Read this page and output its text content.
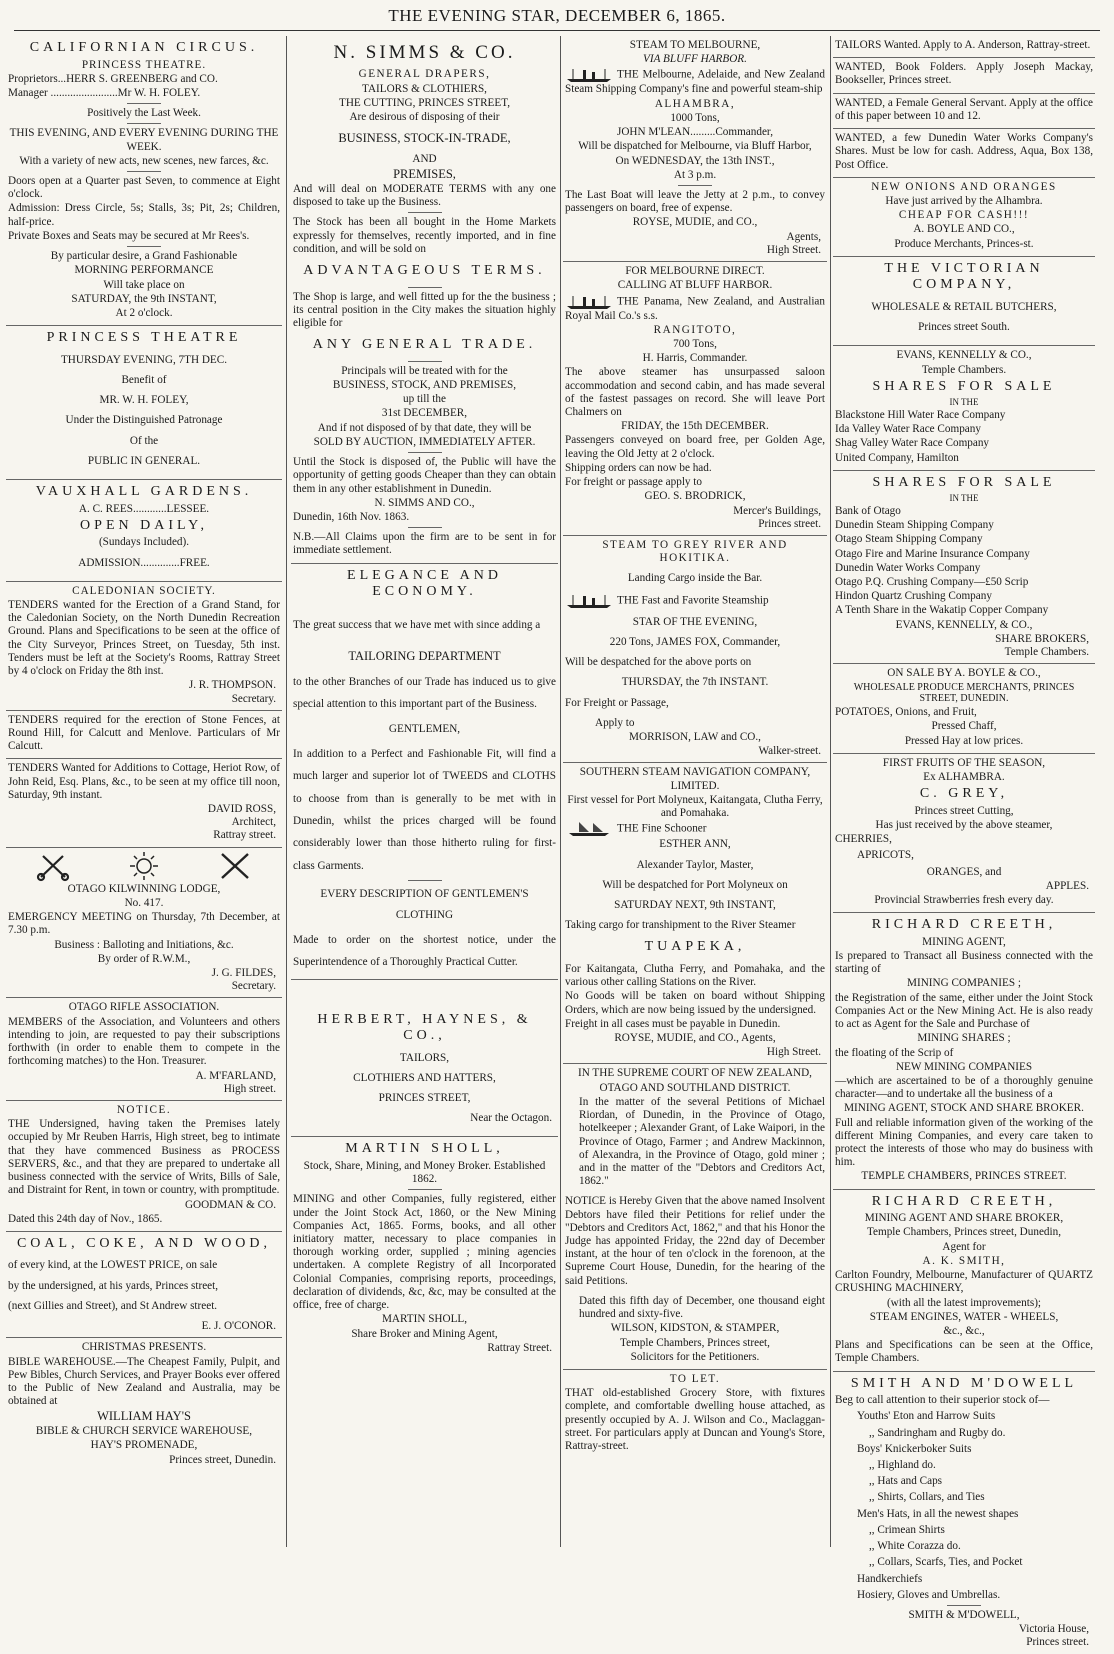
THE EVENING STAR, DECEMBER 6, 1865.
CALIFORNIAN CIRCUS.
PRINCESS THEATRE.
Proprietors...HERR S. GREENBERG and CO.
Manager ........................Mr W. H. FOLEY.
Positively the Last Week.
THIS EVENING, AND EVERY EVENING DURING THE WEEK.
With a variety of new acts, new scenes, new farces, &c.
Doors open at a Quarter past Seven, to commence at Eight o'clock.
Admission: Dress Circle, 5s; Stalls, 3s; Pit, 2s; Children, half-price.
Private Boxes and Seats may be secured at Mr Rees's.
By particular desire, a Grand Fashionable
MORNING PERFORMANCE
Will take place on
SATURDAY, the 9th INSTANT,
At 2 o'clock.
PRINCESS THEATRE
THURSDAY EVENING, 7TH DEC.
Benefit of
MR. W. H. FOLEY,
Under the Distinguished Patronage
Of the
PUBLIC IN GENERAL.
VAUXHALL GARDENS.
A. C. REES............LESSEE.
OPEN DAILY,
(Sundays Included).
ADMISSION..............FREE.
CALEDONIAN SOCIETY.
TENDERS wanted for the Erection of a Grand Stand, for the Caledonian Society, on the North Dunedin Recreation Ground. Plans and Specifications to be seen at the office of the City Surveyor, Princes Street, on Tuesday, 5th inst. Tenders must be left at the Society's Rooms, Rattray Street by 4 o'clock on Friday the 8th inst.
J. R. THOMPSON.
Secretary.
TENDERS required for the erection of Stone Fences, at Round Hill, for Calcutt and Menlove. Particulars of Mr Calcutt.
TENDERS Wanted for Additions to Cottage, Heriot Row, of John Reid, Esq. Plans, &c., to be seen at my office till noon, Saturday, 9th instant.
DAVID ROSS,
Architect,
Rattray street.
OTAGO KILWINNING LODGE,
No. 417.
EMERGENCY MEETING on Thursday, 7th December, at 7.30 p.m.
Business : Balloting and Initiations, &c.
By order of R.W.M.,
J. G. FILDES,
Secretary.
OTAGO RIFLE ASSOCIATION.
MEMBERS of the Association, and Volunteers and others intending to join, are requested to pay their subscriptions forthwith (in order to enable them to compete in the forthcoming matches) to the Hon. Treasurer.
A. M'FARLAND,
High street.
NOTICE.
THE Undersigned, having taken the Premises lately occupied by Mr Reuben Harris, High street, beg to intimate that they have commenced Business as PROCESS SERVERS, &c., and that they are prepared to undertake all business connected with the service of Writs, Bills of Sale, and Distraint for Rent, in town or country, with promptitude.
GOODMAN & CO.
Dated this 24th day of Nov., 1865.
COAL, COKE, AND WOOD,
of every kind, at the LOWEST PRICE, on sale
by the undersigned, at his yards, Princes street,
(next Gillies and Street), and St Andrew street.
E. J. O'CONOR.
CHRISTMAS PRESENTS.
BIBLE WAREHOUSE.—The Cheapest Family, Pulpit, and Pew Bibles, Church Services, and Prayer Books ever offered to the Public of New Zealand and Australia, may be obtained at
WILLIAM HAY'S
BIBLE & CHURCH SERVICE WAREHOUSE,
HAY'S PROMENADE,
Princes street, Dunedin.
N. SIMMS & CO.
GENERAL DRAPERS,
TAILORS & CLOTHIERS,
THE CUTTING, PRINCES STREET,
Are desirous of disposing of their
BUSINESS, STOCK-IN-TRADE,
AND
PREMISES,
And will deal on MODERATE TERMS with any one disposed to take up the Business.
The Stock has been all bought in the Home Markets expressly for themselves, recently imported, and in fine condition, and will be sold on
ADVANTAGEOUS TERMS.
The Shop is large, and well fitted up for the the business ; its central position in the City makes the situation highly eligible for
ANY GENERAL TRADE.
Principals will be treated with for the
BUSINESS, STOCK, AND PREMISES,
up till the
31st DECEMBER,
And if not disposed of by that date, they will be
SOLD BY AUCTION, IMMEDIATELY AFTER.
Until the Stock is disposed of, the Public will have the opportunity of getting goods Cheaper than they can obtain them in any other establishment in Dunedin.
N. SIMMS AND CO.,
Dunedin, 16th Nov. 1863.
N.B.—All Claims upon the firm are to be sent in for immediate settlement.
ELEGANCE AND ECONOMY.
The great success that we have met with since adding a
TAILORING DEPARTMENT
to the other Branches of our Trade has induced us to give special attention to this important part of the Business.
GENTLEMEN,
In addition to a Perfect and Fashionable Fit, will find a much larger and superior lot of TWEEDS and CLOTHS to choose from than is generally to be met with in Dunedin, whilst the prices charged will be found considerably lower than those hitherto ruling for first-class Garments.
EVERY DESCRIPTION OF GENTLEMEN'S
CLOTHING
Made to order on the shortest notice, under the Superintendence of a Thoroughly Practical Cutter.
HERBERT, HAYNES, & CO.,
TAILORS,
CLOTHIERS AND HATTERS,
PRINCES STREET,
Near the Octagon.
MARTIN SHOLL,
Stock, Share, Mining, and Money Broker. Established 1862.
MINING and other Companies, fully registered, either under the Joint Stock Act, 1860, or the New Mining Companies Act, 1865. Forms, books, and all other initiatory matter, necessary to place companies in thorough working order, supplied ; mining agencies undertaken. A complete Registry of all Incorporated Colonial Companies, comprising reports, proceedings, declaration of dividends, &c, &c, may be consulted at the office, free of charge.
MARTIN SHOLL,
Share Broker and Mining Agent,
Rattray Street.
STEAM TO MELBOURNE,
VIA BLUFF HARBOR.
THE Melbourne, Adelaide, and New Zealand Steam Shipping Company's fine and powerful steam-ship
ALHAMBRA,
1000 Tons,
JOHN M'LEAN.........Commander,
Will be dispatched for Melbourne, via Bluff Harbor,
On WEDNESDAY, the 13th INST.,
At 3 p.m.
The Last Boat will leave the Jetty at 2 p.m., to convey passengers on board, free of expense.
ROYSE, MUDIE, and CO.,
Agents,
High Street.
FOR MELBOURNE DIRECT.
CALLING AT BLUFF HARBOR.
THE Panama, New Zealand, and Australian Royal Mail Co.'s s.s.
RANGITOTO,
700 Tons,
H. Harris, Commander.
The above steamer has unsurpassed saloon accommodation and second cabin, and has made several of the fastest passages on record. She will leave Port Chalmers on
FRIDAY, the 15th DECEMBER.
Passengers conveyed on board free, per Golden Age, leaving the Old Jetty at 2 o'clock.
Shipping orders can now be had.
For freight or passage apply to
GEO. S. BRODRICK,
Mercer's Buildings,
Princes street.
STEAM TO GREY RIVER AND HOKITIKA.
Landing Cargo inside the Bar.
THE Fast and Favorite Steamship
STAR OF THE EVENING,
220 Tons, JAMES FOX, Commander,
Will be despatched for the above ports on
THURSDAY, the 7th INSTANT.
For Freight or Passage,
Apply to
MORRISON, LAW and CO.,
Walker-street.
SOUTHERN STEAM NAVIGATION COMPANY, LIMITED.
First vessel for Port Molyneux, Kaitangata, Clutha Ferry, and Pomahaka.
THE Fine Schooner
ESTHER ANN,
Alexander Taylor, Master,
Will be despatched for Port Molyneux on
SATURDAY NEXT, 9th INSTANT,
Taking cargo for transhipment to the River Steamer
TUAPEKA,
For Kaitangata, Clutha Ferry, and Pomahaka, and the various other calling Stations on the River.
No Goods will be taken on board without Shipping Orders, which are now being issued by the undersigned.
Freight in all cases must be payable in Dunedin.
ROYSE, MUDIE, and CO., Agents,
High Street.
IN THE SUPREME COURT OF NEW ZEALAND,
OTAGO AND SOUTHLAND DISTRICT.
In the matter of the several Petitions of Michael Riordan, of Dunedin, in the Province of Otago, hotelkeeper ; Alexander Grant, of Lake Waipori, in the Province of Otago, Farmer ; and Andrew Mackinnon, of Alexandra, in the Province of Otago, gold miner ; and in the matter of the "Debtors and Creditors Act, 1862."
NOTICE is Hereby Given that the above named Insolvent Debtors have filed their Petitions for relief under the "Debtors and Creditors Act, 1862," and that his Honor the Judge has appointed Friday, the 22nd day of December instant, at the hour of ten o'clock in the forenoon, at the Supreme Court House, Dunedin, for the hearing of the said Petitions.
Dated this fifth day of December, one thousand eight hundred and sixty-five.
WILSON, KIDSTON, & STAMPER,
Temple Chambers, Princes street,
Solicitors for the Petitioners.
TO LET.
THAT old-established Grocery Store, with fixtures complete, and comfortable dwelling house attached, as presently occupied by A. J. Wilson and Co., Maclaggan-street. For particulars apply at Duncan and Young's Store, Rattray-street.
TAILORS Wanted. Apply to A. Anderson, Rattray-street.
WANTED, Book Folders. Apply Joseph Mackay, Bookseller, Princes street.
WANTED, a Female General Servant. Apply at the office of this paper between 10 and 12.
WANTED, a few Dunedin Water Works Company's Shares. Must be low for cash. Address, Aqua, Box 138, Post Office.
NEW ONIONS AND ORANGES
Have just arrived by the Alhambra.
CHEAP FOR CASH!!!
A. BOYLE AND CO.,
Produce Merchants, Princes-st.
THE VICTORIAN COMPANY,
WHOLESALE & RETAIL BUTCHERS,
Princes street South.
EVANS, KENNELLY & CO.,
Temple Chambers.
SHARES FOR SALE
IN THE
Blackstone Hill Water Race Company
Ida Valley Water Race Company
Shag Valley Water Race Company
United Company, Hamilton
SHARES FOR SALE
IN THE
Bank of Otago
Dunedin Steam Shipping Company
Otago Steam Shipping Company
Otago Fire and Marine Insurance Company
Dunedin Water Works Company
Otago P.Q. Crushing Company—£50 Scrip
Hindon Quartz Crushing Company
A Tenth Share in the Wakatip Copper Company
EVANS, KENNELLY, & CO.,
SHARE BROKERS,
Temple Chambers.
ON SALE BY A. BOYLE & CO.,
WHOLESALE PRODUCE MERCHANTS, PRINCES STREET, DUNEDIN.
POTATOES, Onions, and Fruit,
Pressed Chaff,
Pressed Hay at low prices.
FIRST FRUITS OF THE SEASON,
Ex ALHAMBRA.
C. GREY,
Princes street Cutting,
Has just received by the above steamer,
CHERRIES,
APRICOTS,
ORANGES, and
APPLES.
Provincial Strawberries fresh every day.
RICHARD CREETH,
MINING AGENT,
Is prepared to Transact all Business connected with the starting of
MINING COMPANIES ;
the Registration of the same, either under the Joint Stock Companies Act or the New Mining Act. He is also ready to act as Agent for the Sale and Purchase of
MINING SHARES ;
the floating of the Scrip of
NEW MINING COMPANIES
—which are ascertained to be of a thoroughly genuine character—and to undertake all the business of a
MINING AGENT, STOCK AND SHARE BROKER.
Full and reliable information given of the working of the different Mining Companies, and every care taken to protect the interests of those who may do business with him.
TEMPLE CHAMBERS, PRINCES STREET.
RICHARD CREETH,
MINING AGENT AND SHARE BROKER,
Temple Chambers, Princes street, Dunedin,
Agent for
A. K. SMITH,
Carlton Foundry, Melbourne, Manufacturer of QUARTZ CRUSHING MACHINERY,
(with all the latest improvements);
STEAM ENGINES, WATER - WHEELS,
&c., &c.,
Plans and Specifications can be seen at the Office, Temple Chambers.
SMITH AND M'DOWELL
Beg to call attention to their superior stock of—
Youths' Eton and Harrow Suits
,, Sandringham and Rugby do.
Boys' Knickerboker Suits
,, Highland do.
,, Hats and Caps
,, Shirts, Collars, and Ties
Men's Hats, in all the newest shapes
,, Crimean Shirts
,, White Corazza do.
,, Collars, Scarfs, Ties, and Pocket
Handkerchiefs
Hosiery, Gloves and Umbrellas.
SMITH & M'DOWELL,
Victoria House,
Princes street.
